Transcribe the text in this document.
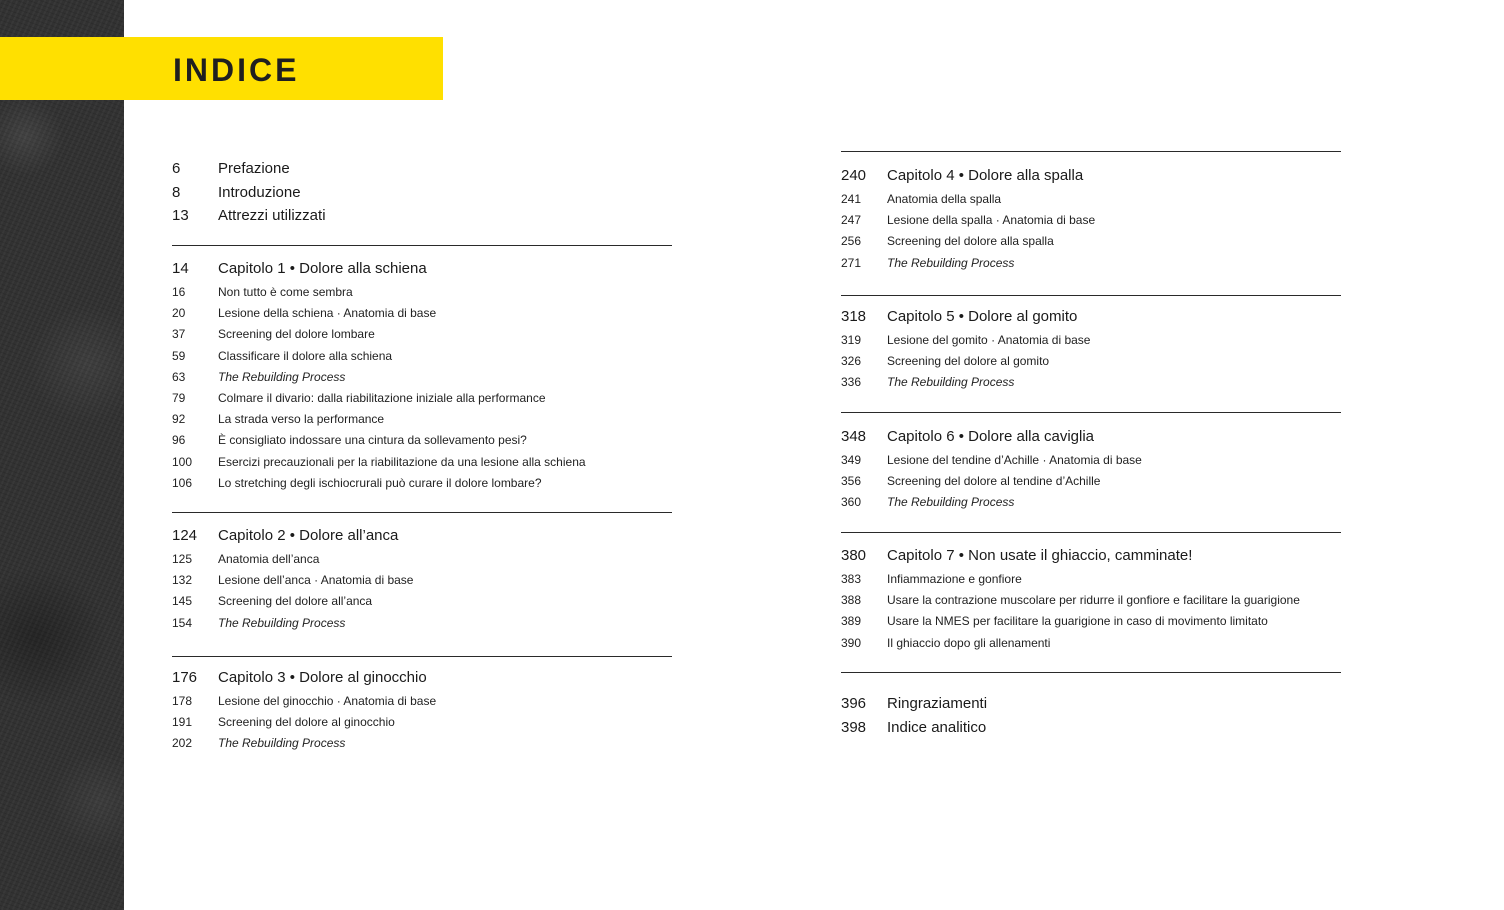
INDICE
6	Prefazione
8	Introduzione
13	Attrezzi utilizzati
14	Capitolo 1 • Dolore alla schiena
16	Non tutto è come sembra
20	Lesione della schiena · Anatomia di base
37	Screening del dolore lombare
59	Classificare il dolore alla schiena
63	The Rebuilding Process
79	Colmare il divario: dalla riabilitazione iniziale alla performance
92	La strada verso la performance
96	È consigliato indossare una cintura da sollevamento pesi?
100	Esercizi precauzionali per la riabilitazione da una lesione alla schiena
106	Lo stretching degli ischiocrurali può curare il dolore lombare?
124	Capitolo 2 • Dolore all’anca
125	Anatomia dell’anca
132	Lesione dell’anca · Anatomia di base
145	Screening del dolore all’anca
154	The Rebuilding Process
176	Capitolo 3 • Dolore al ginocchio
178	Lesione del ginocchio · Anatomia di base
191	Screening del dolore al ginocchio
202	The Rebuilding Process
240	Capitolo 4 • Dolore alla spalla
241	Anatomia della spalla
247	Lesione della spalla · Anatomia di base
256	Screening del dolore alla spalla
271	The Rebuilding Process
318	Capitolo 5 • Dolore al gomito
319	Lesione del gomito · Anatomia di base
326	Screening del dolore al gomito
336	The Rebuilding Process
348	Capitolo 6 • Dolore alla caviglia
349	Lesione del tendine d’Achille · Anatomia di base
356	Screening del dolore al tendine d’Achille
360	The Rebuilding Process
380	Capitolo 7 • Non usate il ghiaccio, camminate!
383	Infiammazione e gonfiore
388	Usare la contrazione muscolare per ridurre il gonfiore e facilitare la guarigione
389	Usare la NMES per facilitare la guarigione in caso di movimento limitato
390	Il ghiaccio dopo gli allenamenti
396	Ringraziamenti
398	Indice analitico
